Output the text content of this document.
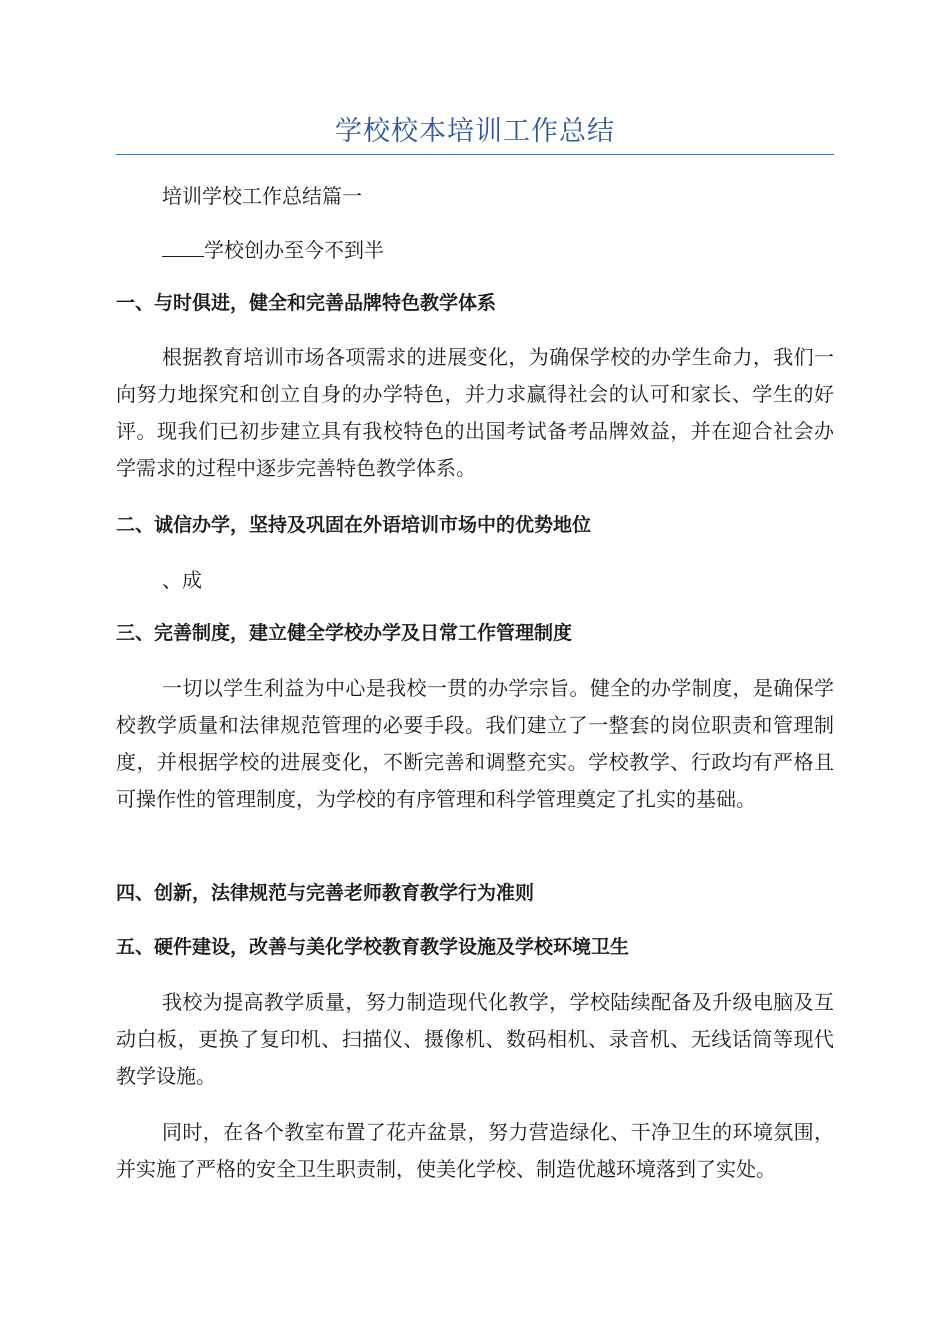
学校校本培训工作总结

培训学校工作总结篇一

学校创办至今不到半

一、与时俱进，健全和完善品牌特色教学体系

根据教育培训市场各项需求的进展变化，为确保学校的办学生命力，我们一向努力地探究和创立自身的办学特色，并力求赢得社会的认可和家长、学生的好评。现我们已初步建立具有我校特色的出国考试备考品牌效益，并在迎合社会办学需求的过程中逐步完善特色教学体系。

二、诚信办学，坚持及巩固在外语培训市场中的优势地位

、成

三、完善制度，建立健全学校办学及日常工作管理制度

一切以学生利益为中心是我校一贯的办学宗旨。健全的办学制度，是确保学校教学质量和法律规范管理的必要手段。我们建立了一整套的岗位职责和管理制度，并根据学校的进展变化，不断完善和调整充实。学校教学、行政均有严格且可操作性的管理制度，为学校的有序管理和科学管理奠定了扎实的基础。

四、创新，法律规范与完善老师教育教学行为准则
五、硬件建设，改善与美化学校教育教学设施及学校环境卫生

我校为提高教学质量，努力制造现代化教学，学校陆续配备及升级电脑及互动白板，更换了复印机、扫描仪、摄像机、数码相机、录音机、无线话筒等现代教学设施。

同时，在各个教室布置了花卉盆景，努力营造绿化、干净卫生的环境氛围，并实施了严格的安全卫生职责制，使美化学校、制造优越环境落到了实处。
